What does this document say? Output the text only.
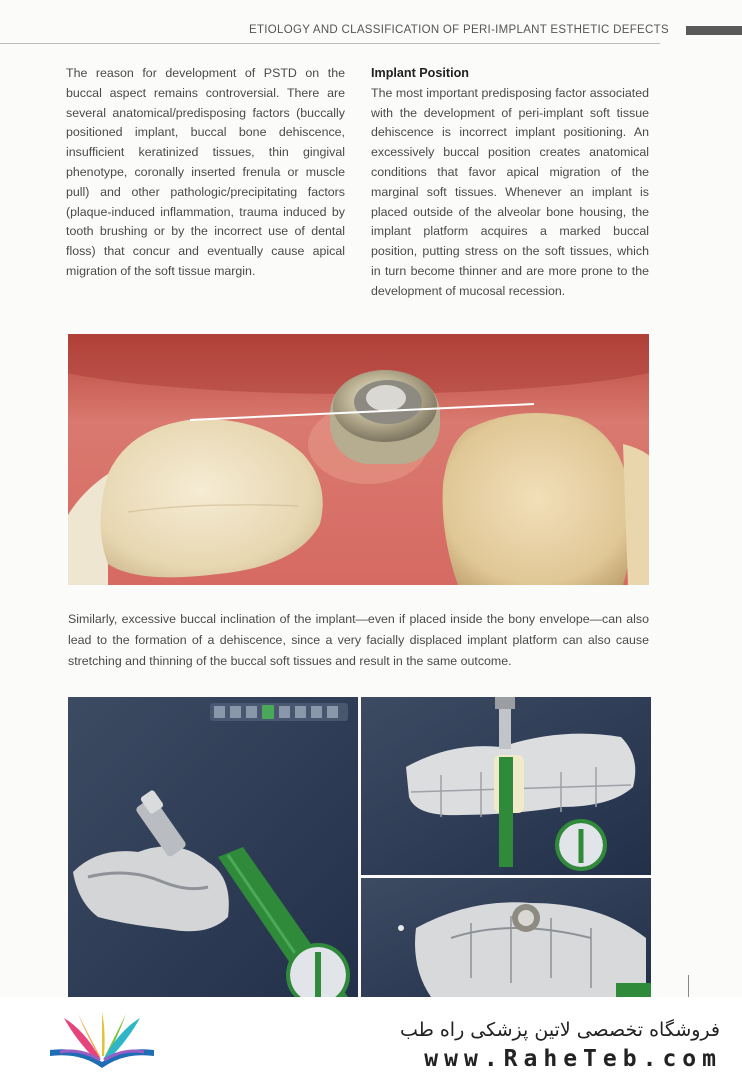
ETIOLOGY AND CLASSIFICATION OF PERI-IMPLANT ESTHETIC DEFECTS

The reason for development of PSTD on the buccal aspect remains controversial. There are several anatomical/predisposing factors (buccally positioned implant, buccal bone dehiscence, insufficient keratinized tissues, thin gingival phenotype, coronally inserted frenula or muscle pull) and other pathologic/precipitating factors (plaque-induced inflammation, trauma induced by tooth brushing or by the incorrect use of dental floss) that concur and eventually cause apical migration of the soft tissue margin.

Implant Position

The most important predisposing factor associated with the development of peri-implant soft tissue dehiscence is incorrect implant positioning. An excessively buccal position creates anatomical conditions that favor apical migration of the marginal soft tissues. Whenever an implant is placed outside of the alveolar bone housing, the implant platform acquires a marked buccal position, putting stress on the soft tissues, which in turn become thinner and are more prone to the development of mucosal recession.

Similarly, excessive buccal inclination of the implant—even if placed inside the bony envelope—can also lead to the formation of a dehiscence, since a very facially displaced implant platform can also cause stretching and thinning of the buccal soft tissues and result in the same outcome.
فروشگاه تخصصی لاتین پزشکی راه طب
www.RaheTeb.com
